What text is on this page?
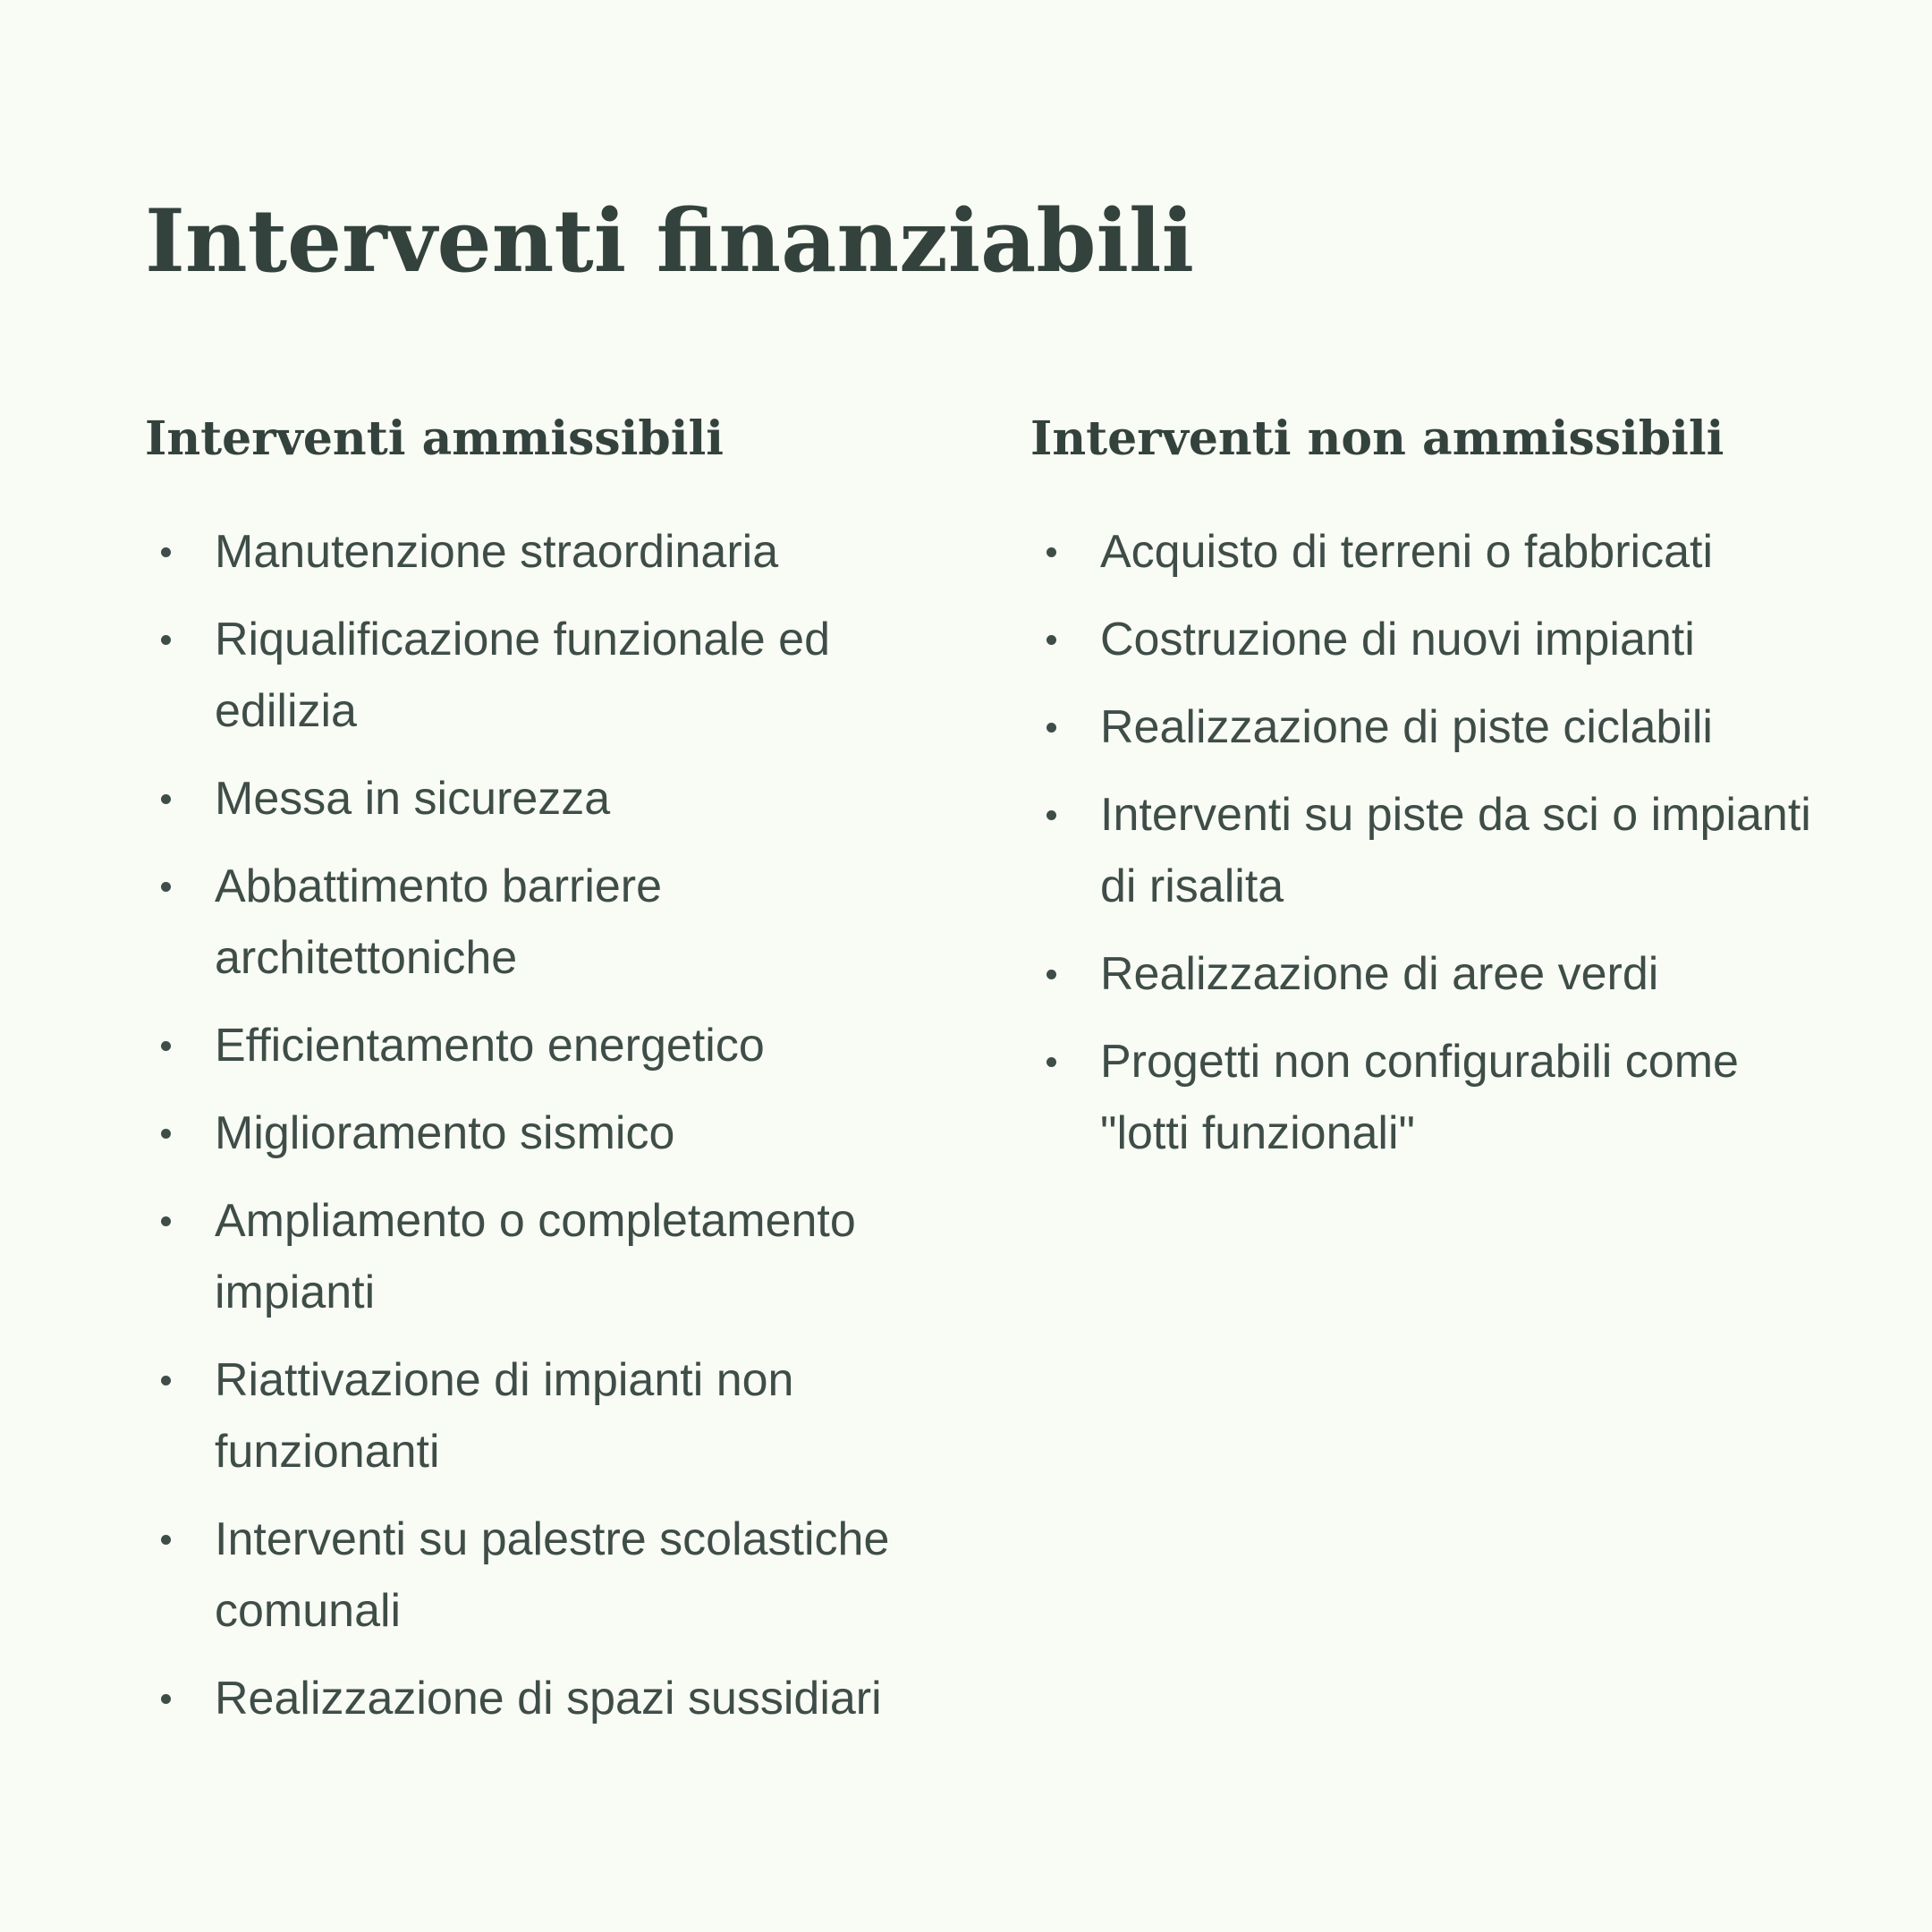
Interventi finanziabili
Interventi ammissibili
Manutenzione straordinaria
Riqualificazione funzionale ed edilizia
Messa in sicurezza
Abbattimento barriere architettoniche
Efficientamento energetico
Miglioramento sismico
Ampliamento o completamento impianti
Riattivazione di impianti non funzionanti
Interventi su palestre scolastiche comunali
Realizzazione di spazi sussidiari
Interventi non ammissibili
Acquisto di terreni o fabbricati
Costruzione di nuovi impianti
Realizzazione di piste ciclabili
Interventi su piste da sci o impianti di risalita
Realizzazione di aree verdi
Progetti non configurabili come "lotti funzionali"
